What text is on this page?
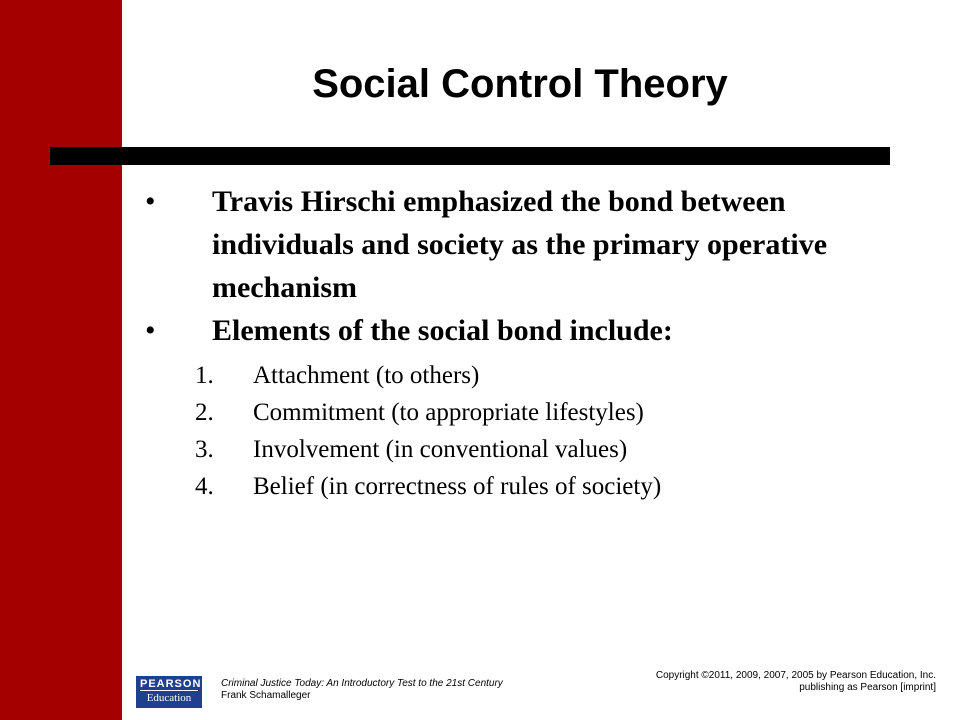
Social Control Theory
•	Travis Hirschi emphasized the bond between individuals and society as the primary operative mechanism
•	Elements of the social bond include:
1. Attachment (to others)
2. Commitment (to appropriate lifestyles)
3. Involvement (in conventional values)
4. Belief (in correctness of rules of society)
PEARSON
Education
Criminal Justice Today: An Introductory Test to the 21st Century
Frank Schamalleger
Copyright ©2011, 2009, 2007, 2005 by Pearson Education, Inc.
publishing as Pearson [imprint]
